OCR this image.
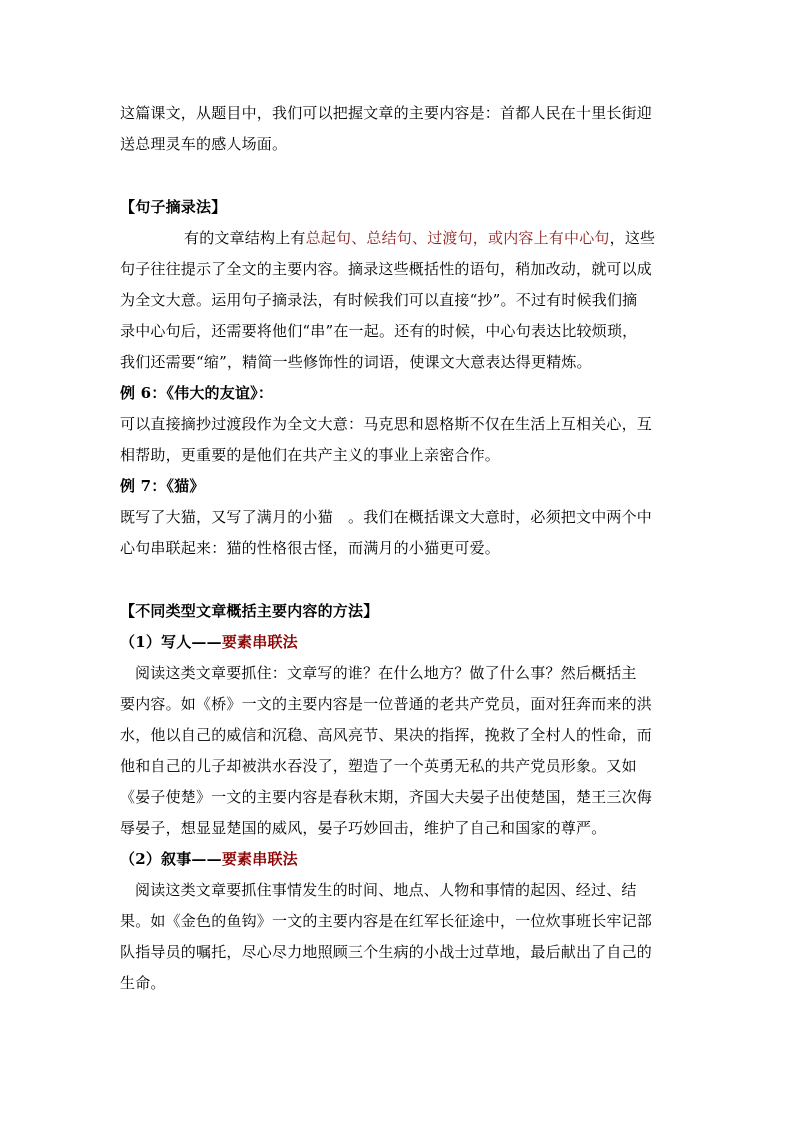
这篇课文，从题目中，我们可以把握文章的主要内容是：首都人民在十里长街迎
送总理灵车的感人场面。
【句子摘录法】
有的文章结构上有总起句、总结句、过渡句，或内容上有中心句，这些
句子往往提示了全文的主要内容。摘录这些概括性的语句，稍加改动，就可以成
为全文大意。运用句子摘录法，有时候我们可以直接“抄”。不过有时候我们摘
录中心句后，还需要将他们“串”在一起。还有的时候，中心句表达比较烦琐，
我们还需要“缩”，精简一些修饰性的词语，使课文大意表达得更精炼。
例 6：《伟大的友谊》：
可以直接摘抄过渡段作为全文大意：马克思和恩格斯不仅在生活上互相关心，互
相帮助，更重要的是他们在共产主义的事业上亲密合作。
例 7：《猫》
既写了大猫，又写了满月的小猫　。我们在概括课文大意时，必须把文中两个中
心句串联起来：猫的性格很古怪，而满月的小猫更可爱。
【不同类型文章概括主要内容的方法】
（1）写人——要素串联法
阅读这类文章要抓住：文章写的谁？在什么地方？做了什么事？然后概括主
要内容。如《桥》一文的主要内容是一位普通的老共产党员，面对狂奔而来的洪
水，他以自己的威信和沉稳、高风亮节、果决的指挥，挽救了全村人的性命，而
他和自己的儿子却被洪水吞没了，塑造了一个英勇无私的共产党员形象。又如
《晏子使楚》一文的主要内容是春秋末期，齐国大夫晏子出使楚国，楚王三次侮
辱晏子，想显显楚国的威风，晏子巧妙回击，维护了自己和国家的尊严。
（2）叙事——要素串联法
阅读这类文章要抓住事情发生的时间、地点、人物和事情的起因、经过、结
果。如《金色的鱼钩》一文的主要内容是在红军长征途中，一位炊事班长牢记部
队指导员的嘱托，尽心尽力地照顾三个生病的小战士过草地，最后献出了自己的
生命。
